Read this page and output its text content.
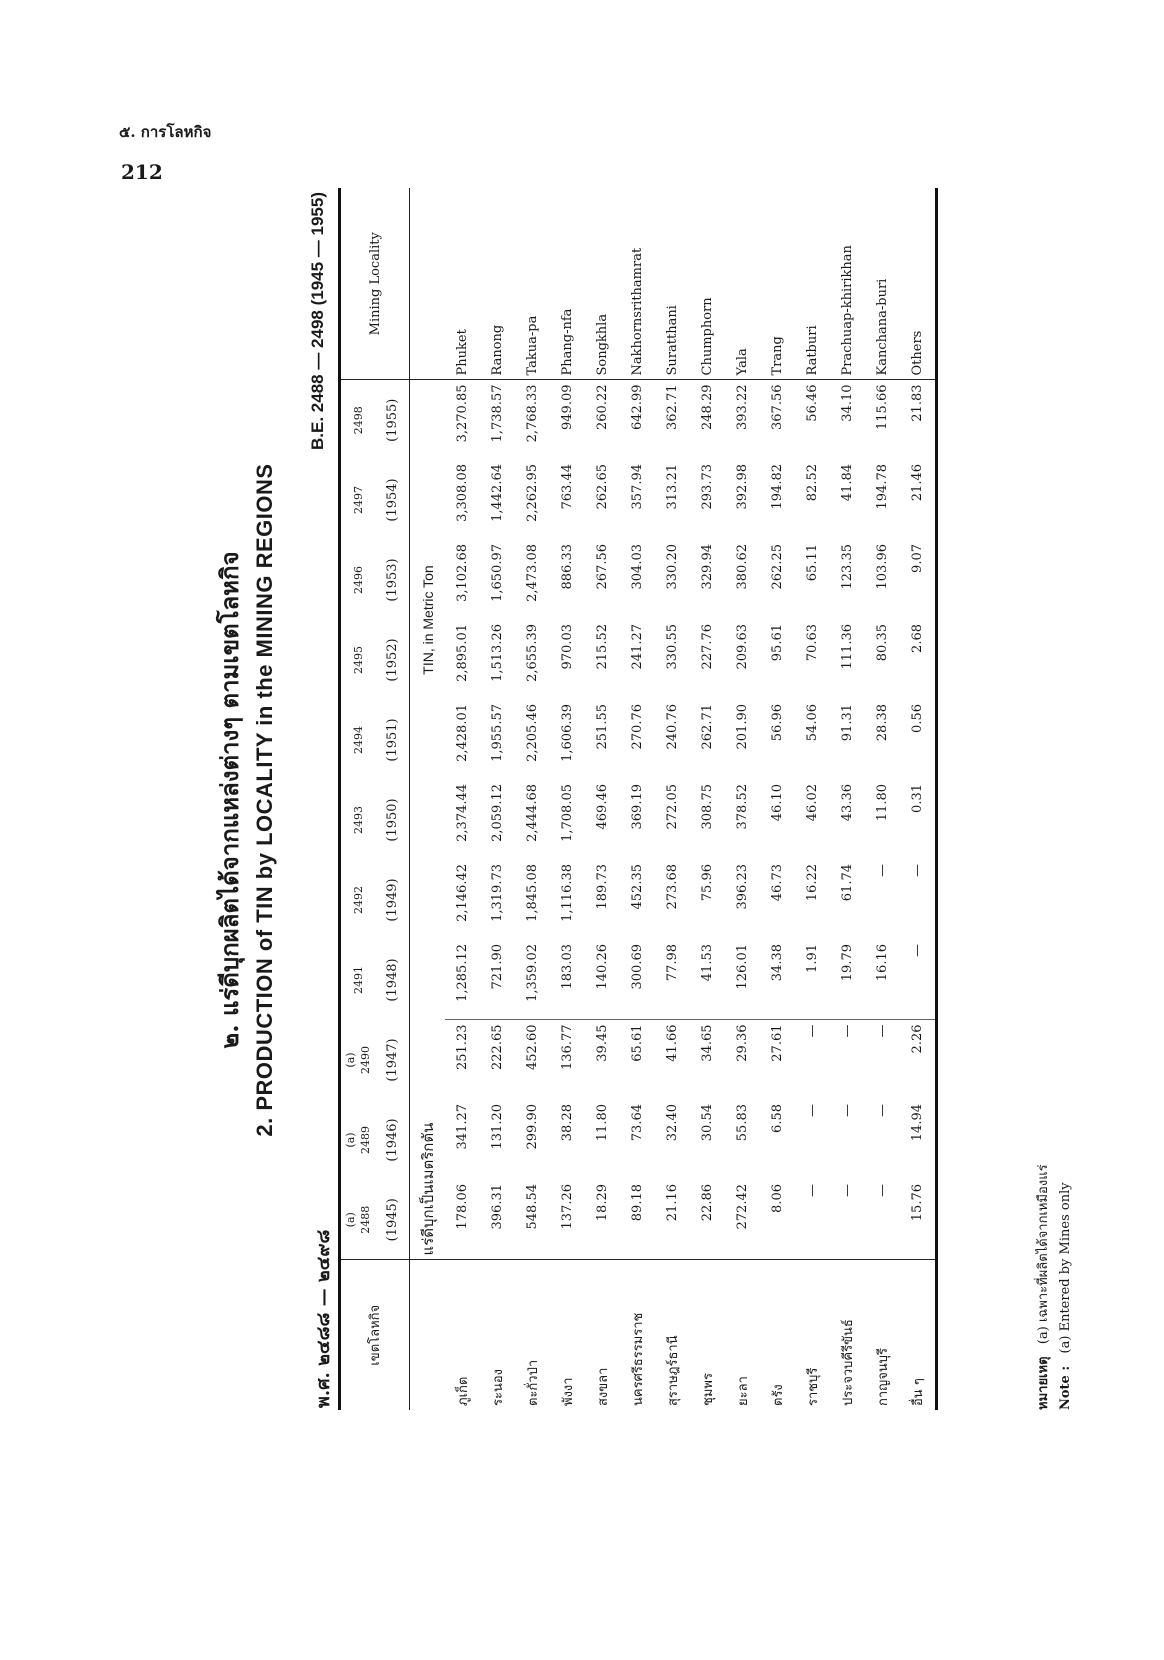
๕. การโลหกิจ
212
๒. แร่ดีบุกผลิตได้จากแหล่งต่างๆ ตามเขตโลหกิจ 2. PRODUCTION of TIN by LOCALITY in the MINING REGIONS
พ.ศ. ๒๔๘๘ — ๒๔๙๘
B.E. 2488 — 2498 (1945 — 1955)
เขตโลหกิจ	(a) 2488	(a) 2489	(a) 2490	2491	2492	2493	2494	2495	2496	2497	2498	Mining Locality
	(1945)	(1946)	(1947)	(1948)	(1949)	(1950)	(1951)	(1952)	(1953)	(1954)	(1955)	
	แร่ดีบุกเป็นเมตริกตัน						TIN, in Metric Ton					
ภูเก็ต	178.06	341.27	251.23	1,285.12	2,146.42	2,374.44	2,428.01	2,895.01	3,102.68	3,308.08	3,270.85	Phuket
ระนอง	396.31	131.20	222.65	721.90	1,319.73	2,059.12	1,955.57	1,513.26	1,650.97	1,442.64	1,738.57	Ranong
ตะกั่วป่า	548.54	299.90	452.60	1,359.02	1,845.08	2,444.68	2,205.46	2,655.39	2,473.08	2,262.95	2,768.33	Takua-pa
พังงา	137.26	38.28	136.77	183.03	1,116.38	1,708.05	1,606.39	970.03	886.33	763.44	949.09	Phang-nfa
สงขลา	18.29	11.80	39.45	140.26	189.73	469.46	251.55	215.52	267.56	262.65	260.22	Songkhla
นครศรีธรรมราช	89.18	73.64	65.61	300.69	452.35	369.19	270.76	241.27	304.03	357.94	642.99	Nakhornsrithamrat
สุราษฎร์ธานี	21.16	32.40	41.66	77.98	273.68	272.05	240.76	330.55	330.20	313.21	362.71	Suratthani
ชุมพร	22.86	30.54	34.65	41.53	75.96	308.75	262.71	227.76	329.94	293.73	248.29	Chumphorn
ยะลา	272.42	55.83	29.36	126.01	396.23	378.52	201.90	209.63	380.62	392.98	393.22	Yala
ตรัง	8.06	6.58	27.61	34.38	46.73	46.10	56.96	95.61	262.25	194.82	367.56	Trang
ราชบุรี	—	—	—	1.91	16.22	46.02	54.06	70.63	65.11	82.52	56.46	Ratburi
ประจวบคีรีขันธ์	—	—	—	19.79	61.74	43.36	91.31	111.36	123.35	41.84	34.10	Prachuap-khirikhan
กาญจนบุรี	—	—	—	16.16	—	11.80	28.38	80.35	103.96	194.78	115.66	Kanchana-buri
อื่น ๆ	15.76	14.94	2.26	—	—	0.31	0.56	2.68	9.07	21.46	21.83	Others
หมายเหตุ   (a) เฉพาะที่ผลิตได้จากเหมืองแร่
Note :   (a) Entered by Mines only
